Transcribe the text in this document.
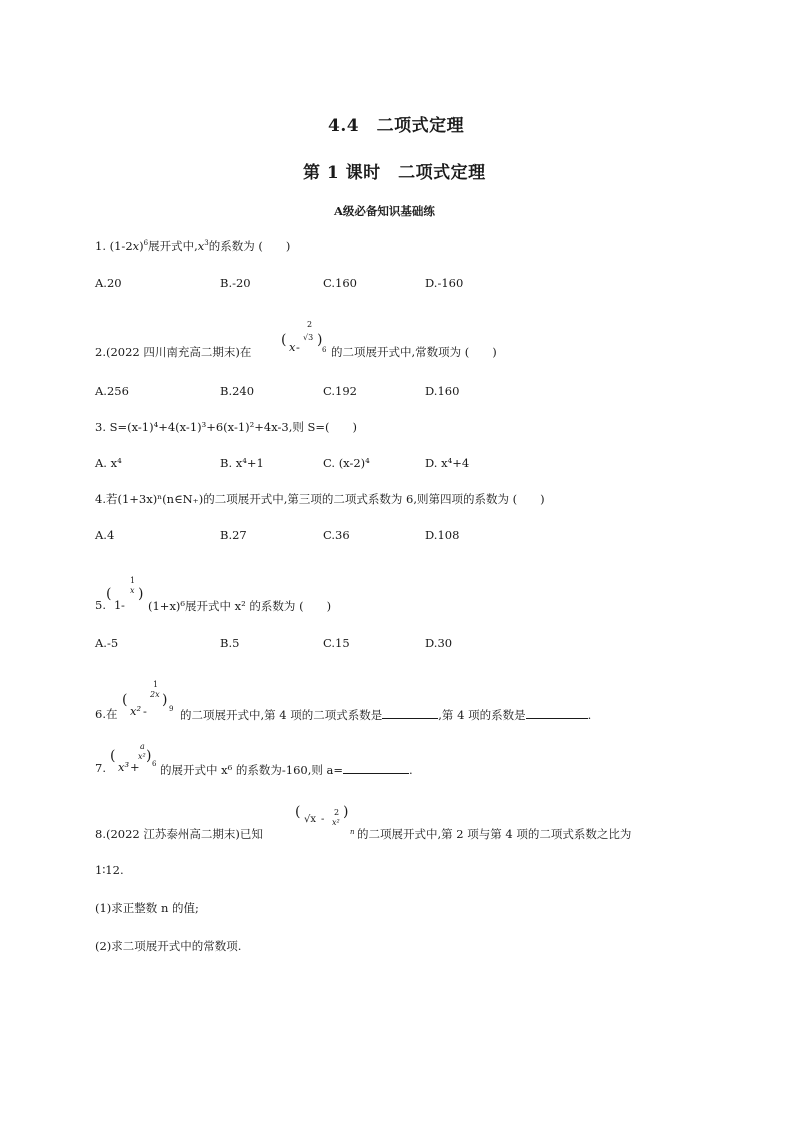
4.4　二项式定理
第 1 课时　二项式定理
A级必备知识基础练
1. $(1-2x)^6$展开式中$,x^3$的系数为 (　　)
A.20	B.-20	C.160	D.-160
2.(2022 四川南充高二期末)在
( x -
2
√3 )
6 的二项展开式中,常数项为 (　　)
A.256	B.240	C.192	D.160
3. S=(x-1)⁴+4(x-1)³+6(x-1)²+4x-3,则 S=(　　)
A. x⁴	B. x⁴+1	C. (x-2)⁴	D. x⁴+4
4.若(1+3x)ⁿ(n∈N₊)的二项展开式中,第三项的二项式系数为 6,则第四项的系数为 (　　)
A.4	B.27	C.36	D.108
5.
(
1 -
1
x )
(1+x)⁶展开式中 x² 的系数为 (　　)
A.-5	B.5	C.15	D.30
6.在
(
x² -
1
2x )
9 的二项展开式中,第 4 项的二项式系数是	,第 4 项的系数是	.
7.
(
x³ +
a
x² ) 6 的展开式中 x⁶ 的系数为-160,则 a=	.
8.(2022 江苏泰州高二期末)已知
( √x -
2
x²
)
n 的二项展开式中,第 2 项与第 4 项的二项式系数之比为
1∶12.
(1)求正整数 n 的值;
(2)求二项展开式中的常数项.
